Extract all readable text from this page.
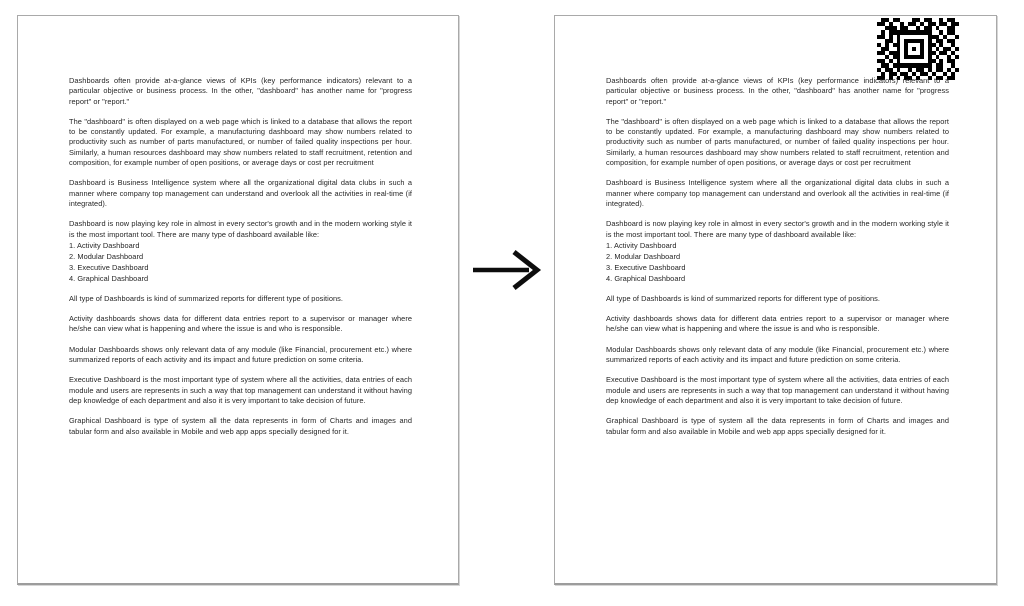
Dashboards often provide at-a-glance views of KPIs (key performance indicators) relevant to a particular objective or business process. In the other, "dashboard" has another name for "progress report" or "report."
The "dashboard" is often displayed on a web page which is linked to a database that allows the report to be constantly updated. For example, a manufacturing dashboard may show numbers related to productivity such as number of parts manufactured, or number of failed quality inspections per hour. Similarly, a human resources dashboard may show numbers related to staff recruitment, retention and composition, for example number of open positions, or average days or cost per recruitment
Dashboard is Business Intelligence system where all the organizational digital data clubs in such a manner where company top management can understand and overlook all the activities in real-time (if integrated).
Dashboard is now playing key role in almost in every sector's growth and in the modern working style it is the most important tool. There are many type of dashboard available like:
1. Activity Dashboard
2. Modular Dashboard
3. Executive Dashboard
4. Graphical Dashboard
All type of Dashboards is kind of summarized reports for different type of positions.
Activity dashboards shows data for different data entries report to a supervisor or manager where he/she can view what is happening and where the issue is and who is responsible.
Modular Dashboards shows only relevant data of any module (like Financial, procurement etc.) where summarized reports of each activity and its impact and future prediction on some criteria.
Executive Dashboard is the most important type of system where all the activities, data entries of each module and users are represents in such a way that top management can understand it without having dep knowledge of each department and also it is very important to take decision of future.
Graphical Dashboard is type of system all the data represents in form of Charts and images and tabular form and also available in Mobile and web app apps specially designed for it.
Dashboards often provide at-a-glance views of KPIs (key performance indicators) relevant to a particular objective or business process. In the other, "dashboard" has another name for "progress report" or "report."
The "dashboard" is often displayed on a web page which is linked to a database that allows the report to be constantly updated. For example, a manufacturing dashboard may show numbers related to productivity such as number of parts manufactured, or number of failed quality inspections per hour. Similarly, a human resources dashboard may show numbers related to staff recruitment, retention and composition, for example number of open positions, or average days or cost per recruitment
Dashboard is Business Intelligence system where all the organizational digital data clubs in such a manner where company top management can understand and overlook all the activities in real-time (if integrated).
Dashboard is now playing key role in almost in every sector's growth and in the modern working style it is the most important tool. There are many type of dashboard available like:
1. Activity Dashboard
2. Modular Dashboard
3. Executive Dashboard
4. Graphical Dashboard
All type of Dashboards is kind of summarized reports for different type of positions.
Activity dashboards shows data for different data entries report to a supervisor or manager where he/she can view what is happening and where the issue is and who is responsible.
Modular Dashboards shows only relevant data of any module (like Financial, procurement etc.) where summarized reports of each activity and its impact and future prediction on some criteria.
Executive Dashboard is the most important type of system where all the activities, data entries of each module and users are represents in such a way that top management can understand it without having dep knowledge of each department and also it is very important to take decision of future.
Graphical Dashboard is type of system all the data represents in form of Charts and images and tabular form and also available in Mobile and web app apps specially designed for it.
